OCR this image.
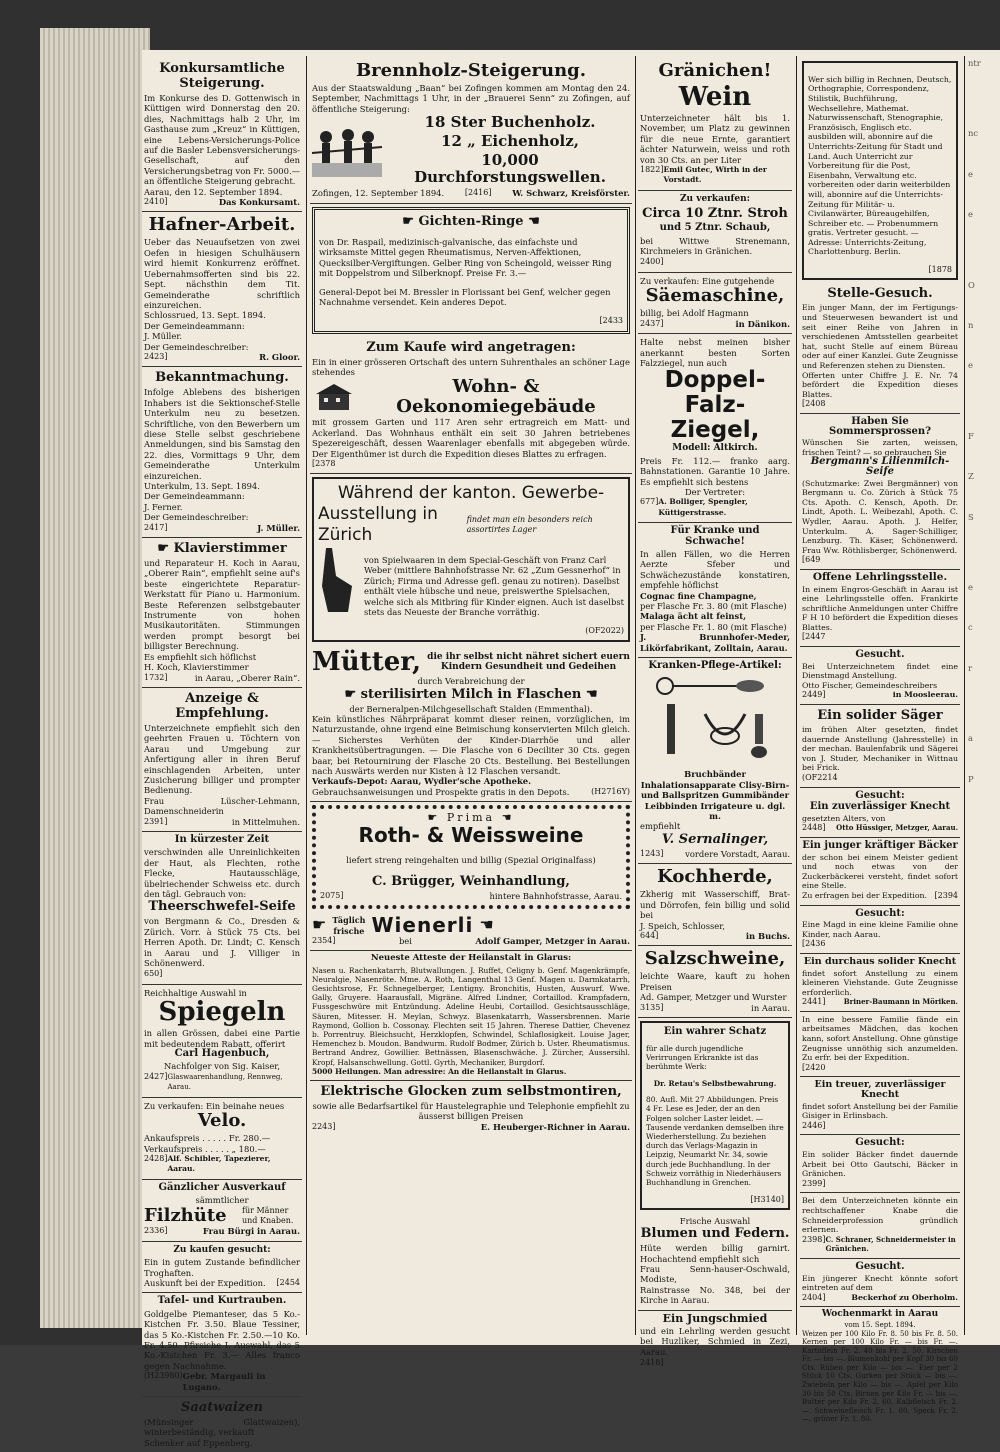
Konkursamtliche Steigerung.

Im Konkurse des D. Gottenwisch in Küttigen wird Donnerstag den 20. dies, Nachmittags halb 2 Uhr, im Gasthause zum „Kreuz“ in Küttigen, eine Lebens-Versicherungs-Police auf die Basler Lebensversicherungs-Gesellschaft, auf den Versicherungsbetrag von Fr. 5000.— an öffentliche Steigerung gebracht.

Aarau, den 12. September 1894.

2410]	Das Konkursamt.
Hafner-Arbeit.

Ueber das Neuaufsetzen von zwei Oefen in hiesigen Schulhäusern wird hiemit Konkurrenz eröffnet. Uebernahmsofferten sind bis 22. Sept. nächsthin dem Tit. Gemeinderathe schriftlich einzureichen.

Schlossrued, 13. Sept. 1894.

Der Gemeindeammann:

J. Müller.

Der Gemeindeschreiber:

2423]	R. Gloor.
Bekanntmachung.

Infolge Ablebens des bisherigen Inhabers ist die Sektionschef-Stelle Unterkulm neu zu besetzen. Schriftliche, von den Bewerbern um diese Stelle selbst geschriebene Anmeldungen, sind bis Samstag den 22. dies, Vormittags 9 Uhr, dem Gemeinderathe Unterkulm einzureichen.

Unterkulm, 13. Sept. 1894.

Der Gemeindeammann:

J. Ferner.

Der Gemeindeschreiber:

2417]	J. Müller.
☛ Klavierstimmer

und Reparateur H. Koch in Aarau, „Oberer Rain“, empfiehlt seine auf's beste eingerichtete Reparatur-Werkstatt für Piano u. Harmonium. Beste Referenzen selbstgebauter Instrumente von hohen Musikautoritäten. Stimmungen werden prompt besorgt bei billigster Berechnung.

Es empfiehlt sich höflichst

H. Koch, Klavierstimmer

1732]	in Aarau, „Oberer Rain“.
Anzeige & Empfehlung.

Unterzeichnete empfiehlt sich den geehrten Frauen u. Töchtern von Aarau und Umgebung zur Anfertigung aller in ihren Beruf einschlagenden Arbeiten, unter Zusicherung billiger und prompter Bedienung.

Frau Lüscher-Lehmann, Damenschneiderin

2391]	in Mittelmuhen.
In kürzester Zeit

verschwinden alle Unreinlichkeiten der Haut, als Flechten, rothe Flecke, Hautausschläge, übelriechender Schweiss etc. durch den tägl. Gebrauch von:

Theerschwefel-Seife

von Bergmann & Co., Dresden & Zürich. Vorr. à Stück 75 Cts. bei Herren Apoth. Dr. Lindt; C. Kensch in Aarau und J. Villiger in Schönenwerd.

650]

Reichhaltige Auswahl in

Spiegeln

in allen Grössen, dabei eine Partie mit bedeutendem Rabatt, offerirt

Carl Hagenbuch,

Nachfolger von Sig. Kaiser,

2427] Glaswaarenhandlung, Rennweg, Aarau.

Zu verkaufen: Ein beinahe neues

Velo.

Ankaufspreis . . . . . Fr. 280.—

Verkaufspreis . . . . . „ 180.—

2428] Alf. Schibler, Tapezierer, Aarau.
Gänzlicher Ausverkauf

sämmtlicher

Filzhüte für Männer und Knaben.
2336]	Frau Bürgi in Aarau.
Zu kaufen gesucht:

Ein in gutem Zustande befindlicher Troghaften.

Auskunft bei der Expedition. [2454
Tafel- und Kurtrauben.

Goldgelbe Piemanteser, das 5 Ko.-Kistchen Fr. 3.50. Blaue Tessiner, das 5 Ko.-Kistchen Fr. 2.50.—10 Ko. Fr. 4.50. Pfirsiche I. Auswahl, das 5 Ko.-Kistchen Fr. 3.— Alles franco gegen Nachnahme.

(H23980) Gebr. Margauli in Lugano.
Saatwaizen

(Münsinger Glattwaizen), winterbeständig, verkauft

Schenker auf Eppenberg.

Brennholz-Steigerung.

Aus der Staatswaldung „Baan“ bei Zofingen kommen am Montag den 24. September, Nachmittags 1 Uhr, in der „Brauerei Senn“ zu Zofingen, auf öffentliche Steigerung:

18 Ster Buchenholz.
12 „ Eichenholz,
10,000 Durchforstungswellen.
Zofingen, 12. September 1894.	[2416] W. Schwarz, Kreisförster.
☛ Gichten-Ringe ☚

von Dr. Raspail, medizinisch-galvanische, das einfachste und wirksamste Mittel gegen Rheumatismus, Nerven-Affektionen, Quecksilber-Vergiftungen. Gelber Ring von Scheingold, weisser Ring mit Doppelstrom und Silberknopf. Preise Fr. 3.—

General-Depot bei M. Bressler in Florissant bei Genf, welcher gegen Nachnahme versendet. Kein anderes Depot.

[2433

Zum Kaufe wird angetragen:

Ein in einer grösseren Ortschaft des untern Suhrenthales an schöner Lage stehendes

Wohn- & Oekonomiegebäude

mit grossem Garten und 117 Aren sehr ertragreich em Matt- und Ackerland. Das Wohnhaus enthält ein seit 30 Jahren betriebenes Spezereigeschäft, dessen Waarenlager ebenfalls mit abgegeben würde. Der Eigenthümer ist durch die Expedition dieses Blattes zu erfragen.

[2378

Während der kanton. Gewerbe-
Ausstellung in Zürich
findet man ein besonders reich assortirtes Lager

von Spielwaaren in dem Special-Geschäft von Franz Carl Weber (mittlere Bahnhofstrasse Nr. 62 „Zum Gessnerhof“ in Zürich; Firma und Adresse gefl. genau zu notiren). Daselbst enthält viele hübsche und neue, preiswerthe Spielsachen, welche sich als Mitbring für Kinder eignen. Auch ist daselbst stets das Neueste der Branche vorräthig.

(OF2022)

Mütter, die ihr selbst nicht nähret sichert euern Kindern Gesundheit und Gedeihen

durch Verabreichung der

☛ sterilisirten Milch in Flaschen ☚

der Berneralpen-Milchgesellschaft Stalden (Emmenthal).

Kein künstliches Nährpräparat kommt dieser reinen, vorzüglichen, im Naturzustande, ohne irgend eine Beimischung konservierten Milch gleich. — Sicherstes Verhüten der Kinder-Diarrhöe und aller Krankheitsübertragungen. — Die Flasche von 6 Deciliter 30 Cts. gegen baar, bei Retournirung der Flasche 20 Cts. Bestellung. Bei Bestellungen nach Auswärts werden nur Kisten à 12 Flaschen versandt.

Verkaufs-Depot: Aarau, Wydler'sche Apotheke.

Gebrauchsanweisungen und Prospekte gratis in den Depots.	(H2716Y)
☛ Prima ☚
Roth- & Weissweine

liefert streng reingehalten und billig (Spezial Originalfass)

C. Brügger, Weinhandlung,
2075]	hintere Bahnhofstrasse, Aarau.
☛ Täglich
frische Wienerli ☚
2354]	bei	Adolf Gamper, Metzger in Aarau.
Neueste Atteste der Heilanstalt in Glarus:

Nasen u. Rachenkatarrh, Blutwallungen. J. Ruffet, Celigny b. Genf. Magenkrämpfe, Neuralgie, Nasenröte. Mme. A. Roth, Langenthal 13 Genf. Magen u. Darmkatarrh, Gesichtsrose, Fr. Schnegelberger, Lentigny. Bronchitis, Husten, Auswurf. Wwe. Gally, Gruyere. Haarausfall, Migräne. Alfred Lindner, Cortaillod. Krampfadern, Fussgeschwüre mit Entzündung. Adeline Heubi, Cortaillod. Gesichtsausschläge, Säuren, Mitesser. H. Meylan, Schwyz. Blasenkatarrh, Wassersbrennen. Marie Raymond, Gollion b. Cossonay. Flechten seit 15 Jahren. Therese Dattier, Chevenez b. Porrentruy. Bleichsucht, Herzklopfen, Schwindel, Schlaflosigkeit. Louise Jager, Hemenchez b. Moudon. Bandwurm. Rudolf Bodmer, Zürich b. Uster. Rheumatismus. Bertrand Andrez, Gowillier. Bettnässen, Blasenschwäche. J. Zürcher, Aussersihl. Kropf, Halsanschwellung. Gottl. Gyrth, Mechaniker, Burgdorf.

5000 Heilungen. Man adressire: An die Heilanstalt in Glarus.

Elektrische Glocken zum selbstmontiren,

sowie alle Bedarfsartikel für Haustelegraphie und Telephonie empfiehlt zu äusserst billigen Preisen

2243]	E. Heuberger-Richner in Aarau.
Gränichen!
Wein

Unterzeichneter hält bis 1. November, um Platz zu gewinnen für die neue Ernte, garantiert ächter Naturwein, weiss und roth von 30 Cts. an per Liter

1822] Emil Gutec, Wirth in der Vorstadt.
Zu verkaufen:
Circa 10 Ztnr. Stroh
und 5 Ztnr. Schaub,

bei Wittwe Strenemann, Kirchmeiers in Gränichen.

2400]

Zu verkaufen: Eine gutgehende

Säemaschine,

billig, bei Adolf Hagmann

2437]	in Dänikon.

Halte nebst meinen bisher anerkannt besten Sorten Falzziegel, nun auch

Doppel-
Falz-
Ziegel,
Modell: Altkirch.

Preis Fr. 112.— franko aarg. Bahnstationen. Garantie 10 Jahre. Es empfiehlt sich bestens

Der Vertreter:

677] A. Bolliger, Spengler, Küttigerstrasse.
Für Kranke und Schwache!

In allen Fällen, wo die Herren Aerzte Sfeber und Schwächezustände konstatiren, empfehle höflichst

Cognac fine Champagne,

per Flasche Fr. 3. 80 (mit Flasche)

Malaga ächt alt feinst,

per Flasche Fr. 1. 80 (mit Flasche)

J. Brunnhofer-Meder, Likörfabrikant, Zolltain, Aarau.

Kranken-Pflege-Artikel:

Bruchbänder Inhalationsapparate Clisy-Birn- und Ballspritzen Gummibänder Leibbinden Irrigateure u. dgl. m.

empfiehlt

V. Sernalinger,
1243]	vordere Vorstadt, Aarau.
Kochherde,

Zkherig mit Wasserschiff, Brat- und Dörrofen, fein billig und solid bei

J. Speich, Schlosser,

644]	in Buchs.
Salzschweine,

leichte Waare, kauft zu hohen Preisen

Ad. Gamper, Metzger und Wurster

3135]	in Aarau.
Ein wahrer Schatz

für alle durch jugendliche Verirrungen Erkrankte ist das berühmte Werk:

Dr. Retau's Selbstbewahrung.

80. Aufl. Mit 27 Abbildungen. Preis 4 Fr. Lese es Jeder, der an den Folgen solcher Laster leidet. — Tausende verdanken demselben ihre Wiederherstellung. Zu beziehen durch das Verlags-Magazin in Leipzig, Neumarkt Nr. 34, sowie durch jede Buchhandlung. In der Schweiz vorräthig in Niederhäusers Buchhandlung in Grenchen.

[H3140]

Frische Auswahl

Blumen und Federn.

Hüte werden billig garnirt. Hochachtend empfiehlt sich

Frau Senn-hauser-Oschwald, Modiste,

Rainstrasse No. 348, bei der Kirche in Aarau.

Ein Jungschmied

und ein Lehrling werden gesucht bei Huzliker, Schmied in Zezi, Aarau.

2418]

Wer sich billig in Rechnen, Deutsch, Orthographie, Correspondenz, Stilistik, Buchführung, Wechsellehre, Mathemat. Naturwissenschaft, Stenographie, Französisch, Englisch etc. ausbilden will, abonnire auf die Unterrichts-Zeitung für Stadt und Land. Auch Unterricht zur Vorbereitung für die Post, Eisenbahn, Verwaltung etc. vorbereiten oder darin weiterbilden will, abonnire auf die Unterrichts-Zeitung für Militär- u. Civilanwärter, Büreaugehilfen, Schreiber etc. — Probenummern gratis. Vertreter gesucht. — Adresse: Unterrichts-Zeitung, Charlottenburg. Berlin.

[1878

Stelle-Gesuch.

Ein junger Mann, der im Fertigungs- und Steuerwesen bewandert ist und seit einer Reihe von Jahren in verschiedenen Amtsstellen gearbeitet hat, sucht Stelle auf einem Büreau oder auf einer Kanzlei. Gute Zeugnisse und Referenzen stehen zu Diensten.

Offerten unter Chiffre J. E. Nr. 74 befördert die Expedition dieses Blattes.

[2408

Haben Sie Sommersprossen?

Wünschen Sie zarten, weissen, frischen Teint? — so gebrauchen Sie

Bergmann's Lilienmilch-Seife

(Schutzmarke: Zwei Bergmänner) von Bergmann u. Co. Zürich à Stück 75 Cts. Apoth. C. Kensch, Apoth. Dr. Lindt, Apoth. L. Weibezahl, Apoth. C. Wydler, Aarau. Apoth. J. Helfer, Unterkulm. A. Sager-Schilliger, Lenzburg. Th. Käser, Schönenwerd. Frau Ww. Röthlisberger, Schönenwerd.

[649

Offene Lehrlingsstelle.

In einem Engros-Geschäft in Aarau ist eine Lehrlingsstelle offen. Frankirte schriftliche Anmeldungen unter Chiffre F H 10 befördert die Expedition dieses Blattes.

[2447

Gesucht.

Bei Unterzeichnetem findet eine Dienstmagd Anstellung.

Otto Fischer, Gemeindeschreibers

2449]	in Moosleerau.
Ein solider Säger

im frühen Alter gesetzten, findet dauernde Anstellung (Jahresstelle) in der mechan. Baulenfabrik und Sägerei von J. Studer, Mechaniker in Wittnau bei Frick.

(OF2214

Gesucht:
Ein zuverlässiger Knecht

gesetzten Alters, von

2448] Otto Hüssiger, Metzger, Aarau.
Ein junger kräftiger Bäcker

der schon bei einem Meister gedient und noch etwas von der Zuckerbäckerei versteht, findet sofort eine Stelle.

Zu erfragen bei der Expedition. [2394
Gesucht:

Eine Magd in eine kleine Familie ohne Kinder, nach Aarau.

[2436

Ein durchaus solider Knecht

findet sofort Anstellung zu einem kleineren Viehstande. Gute Zeugnisse erforderlich.

2441]	Briner-Baumann in Möriken.

In eine bessere Familie fände ein arbeitsames Mädchen, das kochen kann, sofort Anstellung. Ohne günstige Zeugnisse unnöthig sich anzumelden. Zu erfr. bei der Expedition.

[2420

Ein treuer, zuverlässiger Knecht

findet sofort Anstellung bei der Familie Gisiger in Erlinsbach.

2446]
Gesucht:

Ein solider Bäcker findet dauernde Arbeit bei Otto Gautschi, Bäcker in Gränichen.

2399]

Bei dem Unterzeichneten könnte ein rechtschaffener Knabe die Schneiderprofession gründlich erlernen.

2398] C. Schraner, Schneidermeister in Gränichen.
Gesucht.

Ein jüngerer Knecht könnte sofort eintreten auf dem

2404]	Beckerhof zu Oberholm.
Wochenmarkt in Aarau

vom 15. Sept. 1894.

Weizen per 100 Kilo Fr. 8. 50 bis Fr. 8. 50. Kernen per 100 Kilo Fr. — bis Fr. —. Kartoffeln Fr. 2. 40 bis Fr. 2. 50. Kirschen Fr. — bis —. Blumenkohl per Kopf 30 bis 60 Cts. Rüben per Kilo — bis —. Eier per 2 Stück 10 Cts. Gurken per Stück — bis —. Zwiebeln per Kilo — bis —. Apfel per Kilo 30 bis 50 Cts. Birnen per Kilo Fr. — bis —. Butter per Kilo Fr. 2. 60. Kalbfleisch Fr. 2. —. Schweinefleisch Fr. 1. 80. Speck Fr. 2. —, grüner Fr. 1. 80.

ntr
nc
e
e
O
n
e
F
Z
S
e
c
r
a
P
